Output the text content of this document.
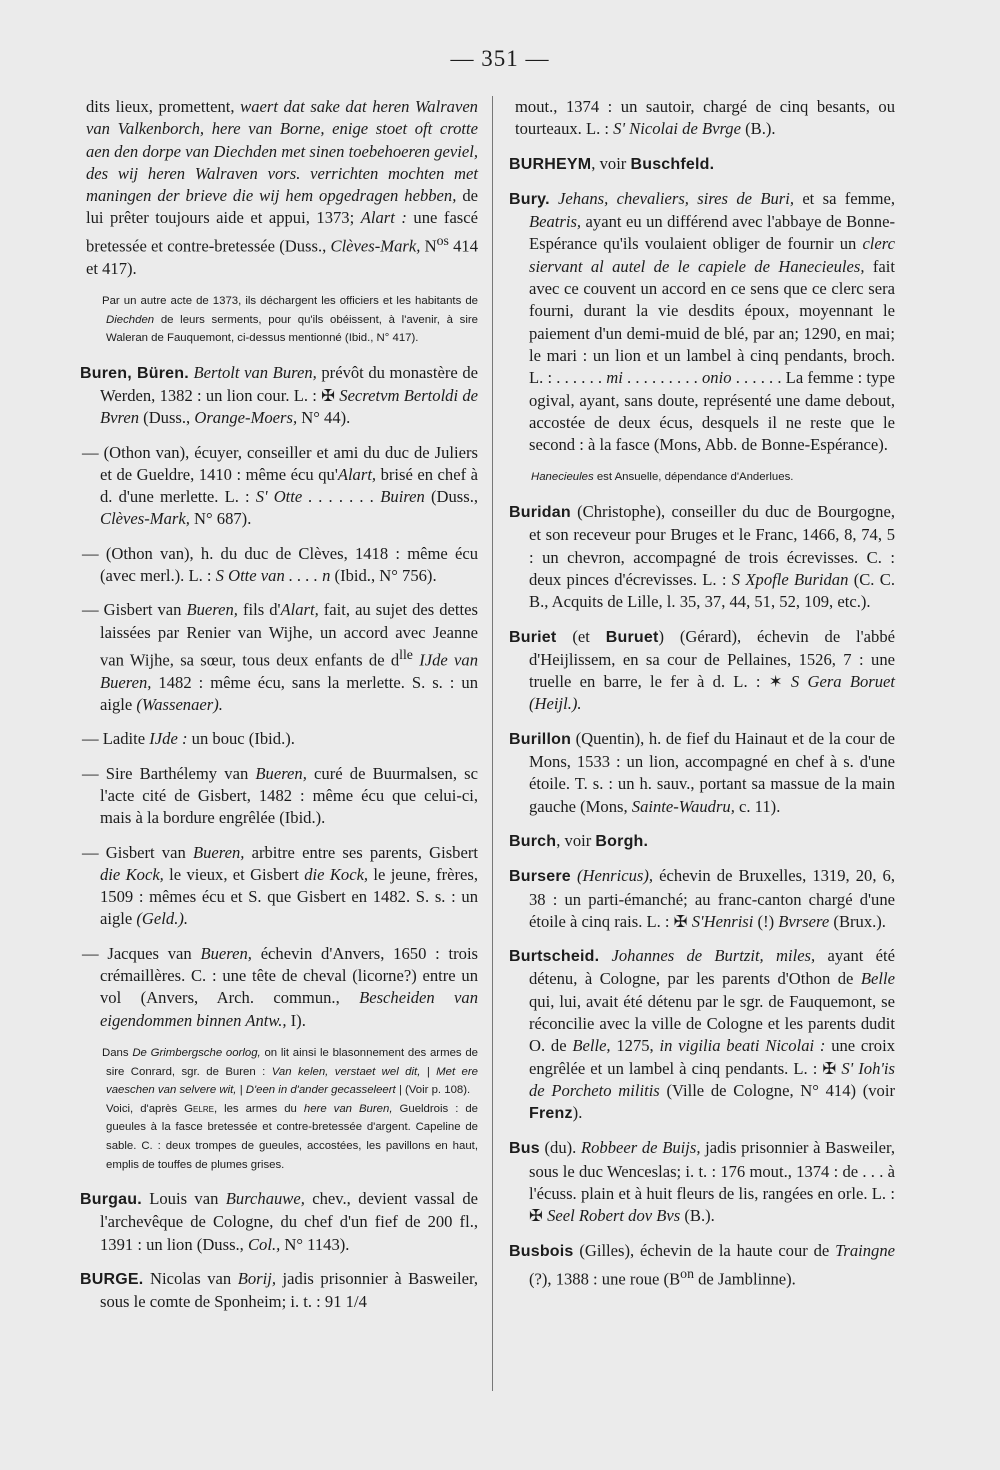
— 351 —

dits lieux, promettent, waert dat sake dat heren Walraven van Valkenborch, here van Borne, enige stoet oft crotte aen den dorpe van Diechden met sinen toebehoeren geviel, des wij heren Walraven vors. verrichten mochten met maningen der brieve die wij hem opgedragen hebben, de lui prêter toujours aide et appui, 1373; Alart : une fascé bretessée et contre-bretessée (Duss., Clèves-Mark, $N^{os}$ 414 et 417).

Par un autre acte de 1373, ils déchargent les officiers et les habitants de Diechden de leurs serments, pour qu'ils obéissent, à l'avenir, à sire Waleran de Fauquemont, ci-dessus mentionné (Ibid., N° 417).

Buren, Büren. Bertolt van Buren, prévôt du monastère de Werden, 1382 : un lion cour. L. : ✠ Secretvm Bertoldi de Bvren (Duss., Orange-Moers, N° 44).

— (Othon van), écuyer, conseiller et ami du duc de Juliers et de Gueldre, 1410 : même écu qu'Alart, brisé en chef à d. d'une merlette. L. : S' Otte . . . . . . . Buiren (Duss., Clèves-Mark, N° 687).

— (Othon van), h. du duc de Clèves, 1418 : même écu (avec merl.). L. : S Otte van . . . . n (Ibid., N° 756).

— Gisbert van Bueren, fils d'Alart, fait, au sujet des dettes laissées par Renier van Wijhe, un accord avec Jeanne van Wijhe, sa sœur, tous deux enfants de $d^{lle}$ IJde van Bueren, 1482 : même écu, sans la merlette. S. s. : un aigle (Wassenaer).

— Ladite IJde : un bouc (Ibid.).

— Sire Barthélemy van Bueren, curé de Buurmalsen, sc l'acte cité de Gisbert, 1482 : même écu que celui-ci, mais à la bordure engrêlée (Ibid.).

— Gisbert van Bueren, arbitre entre ses parents, Gisbert die Kock, le vieux, et Gisbert die Kock, le jeune, frères, 1509 : mêmes écu et S. que Gisbert en 1482. S. s. : un aigle (Geld.).

— Jacques van Bueren, échevin d'Anvers, 1650 : trois crémaillères. C. : une tête de cheval (licorne?) entre un vol (Anvers, Arch. commun., Bescheiden van eigendommen binnen Antw., I).

Dans De Grimbergsche oorlog, on lit ainsi le blasonnement des armes de sire Conrard, sgr. de Buren : Van kelen, verstaet wel dit, | Met ere vaeschen van selvere wit, | D'een in d'ander gecasseleert | (Voir p. 108).
Voici, d'après Gelre, les armes du here van Buren, Gueldrois : de gueules à la fasce bretessée et contre-bretessée d'argent. Capeline de sable. C. : deux trompes de gueules, accostées, les pavillons en haut, emplis de touffes de plumes grises.

Burgau. Louis van Burchauwe, chev., devient vassal de l'archevêque de Cologne, du chef d'un fief de 200 fl., 1391 : un lion (Duss., Col., N° 1143).

BURGE. Nicolas van Borij, jadis prisonnier à Basweiler, sous le comte de Sponheim; i. t. : 91 1/4

mout., 1374 : un sautoir, chargé de cinq besants, ou tourteaux. L. : S' Nicolai de Bvrge (B.).

BURHEYM, voir Buschfeld.

Bury. Jehans, chevaliers, sires de Buri, et sa femme, Beatris, ayant eu un différend avec l'abbaye de Bonne-Espérance qu'ils voulaient obliger de fournir un clerc siervant al autel de le capiele de Hanecieules, fait avec ce couvent un accord en ce sens que ce clerc sera fourni, durant la vie desdits époux, moyennant le paiement d'un demi-muid de blé, par an; 1290, en mai; le mari : un lion et un lambel à cinq pendants, broch. L. : . . . . . . mi . . . . . . . . . onio . . . . . . La femme : type ogival, ayant, sans doute, représenté une dame debout, accostée de deux écus, desquels il ne reste que le second : à la fasce (Mons, Abb. de Bonne-Espérance).

Hanecieules est Ansuelle, dépendance d'Anderlues.

Buridan (Christophe), conseiller du duc de Bourgogne, et son receveur pour Bruges et le Franc, 1466, 8, 74, 5 : un chevron, accompagné de trois écrevisses. C. : deux pinces d'écrevisses. L. : S Xpofle Buridan (C. C. B., Acquits de Lille, l. 35, 37, 44, 51, 52, 109, etc.).

Buriet (et Buruet) (Gérard), échevin de l'abbé d'Heijlissem, en sa cour de Pellaines, 1526, 7 : une truelle en barre, le fer à d. L. : ✶ S Gera Boruet (Heijl.).

Burillon (Quentin), h. de fief du Hainaut et de la cour de Mons, 1533 : un lion, accompagné en chef à s. d'une étoile. T. s. : un h. sauv., portant sa massue de la main gauche (Mons, Sainte-Waudru, c. 11).

Burch, voir Borgh.

Bursere (Henricus), échevin de Bruxelles, 1319, 20, 6, 38 : un parti-émanché; au franc-canton chargé d'une étoile à cinq rais. L. : ✠ S'Henrisi (!) Bvrsere (Brux.).

Burtscheid. Johannes de Burtzit, miles, ayant été détenu, à Cologne, par les parents d'Othon de Belle qui, lui, avait été détenu par le sgr. de Fauquemont, se réconcilie avec la ville de Cologne et les parents dudit O. de Belle, 1275, in vigilia beati Nicolai : une croix engrêlée et un lambel à cinq pendants. L. : ✠ S' Ioh'is de Porcheto militis (Ville de Cologne, N° 414) (voir Frenz).

Bus (du). Robbeer de Buijs, jadis prisonnier à Basweiler, sous le duc Wenceslas; i. t. : 176 mout., 1374 : de . . . à l'écuss. plain et à huit fleurs de lis, rangées en orle. L. : ✠ Seel Robert dov Bvs (B.).

Busbois (Gilles), échevin de la haute cour de Traingne (?), 1388 : une roue ($B^{on}$ de Jamblinne).
